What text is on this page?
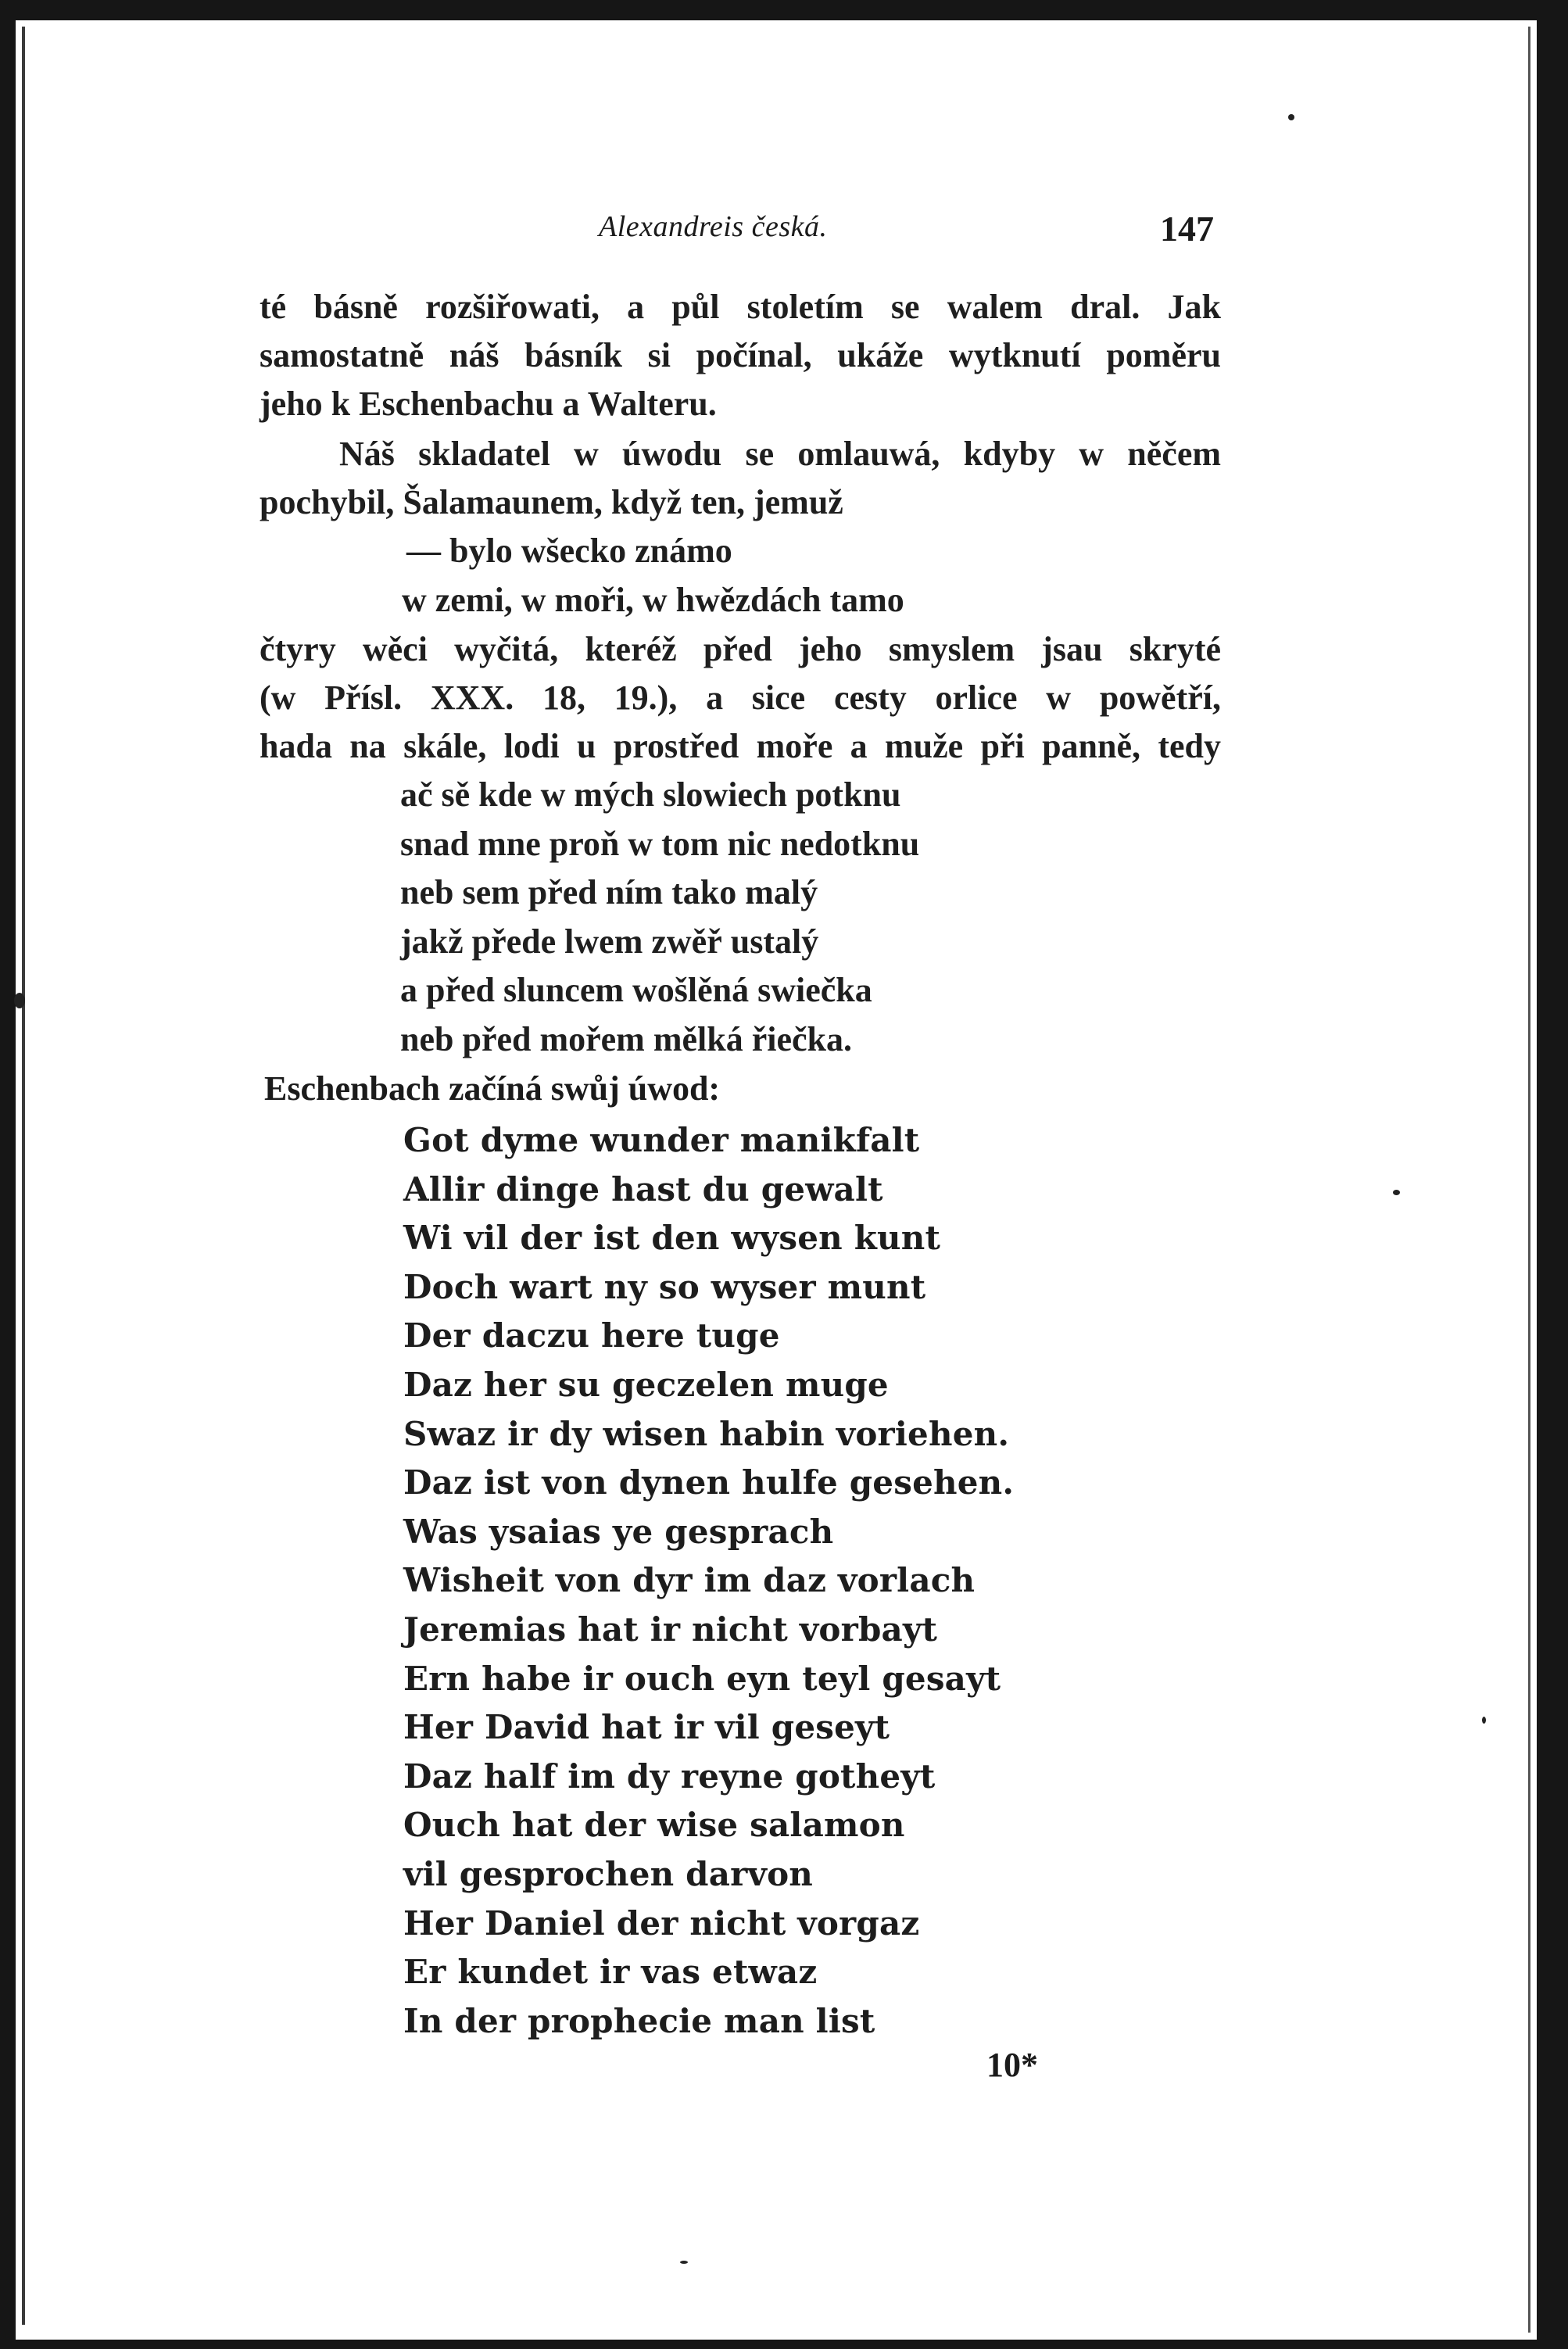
Alexandreis česká.	147
té básně rozšiřowati, a půl stoletím se walem dral. Jak
samostatně náš básník si počínal, ukáže wytknutí poměru
jeho k Eschenbachu a Walteru.
Náš skladatel w úwodu se omlauwá, kdyby w něčem
pochybil, Šalamaunem, když ten, jemuž
— bylo wšecko známo
w zemi, w moři, w hwězdách tamo
čtyry wěci wyčitá, kteréž před jeho smyslem jsau skryté
(w Přísl. XXX. 18, 19.), a sice cesty orlice w powětří,
hada na skále, lodi u prostřed moře a muže při panně, tedy
ač sě kde w mých slowiech potknu
snad mne proň w tom nic nedotknu
neb sem před ním tako malý
jakž přede lwem zwěř ustalý
a před sluncem wošlěná swiečka
neb před mořem mělká řiečka.
Eschenbach začíná swůj úwod:
Got dyme wunder manikfalt
Allir dinge hast du gewalt
Wi vil der ist den wysen kunt
Doch wart ny so wyser munt
Der daczu here tuge
Daz her su geczelen muge
Swaz ir dy wisen habin voriehen.
Daz ist von dynen hulfe gesehen.
Was ysaias ye gesprach
Wisheit von dyr im daz vorlach
Jeremias hat ir nicht vorbayt
Ern habe ir ouch eyn teyl gesayt
Her David hat ir vil geseyt
Daz half im dy reyne gotheyt
Ouch hat der wise salamon
vil gesprochen darvon
Her Daniel der nicht vorgaz
Er kundet ir vas etwaz
In der prophecie man list
10*
